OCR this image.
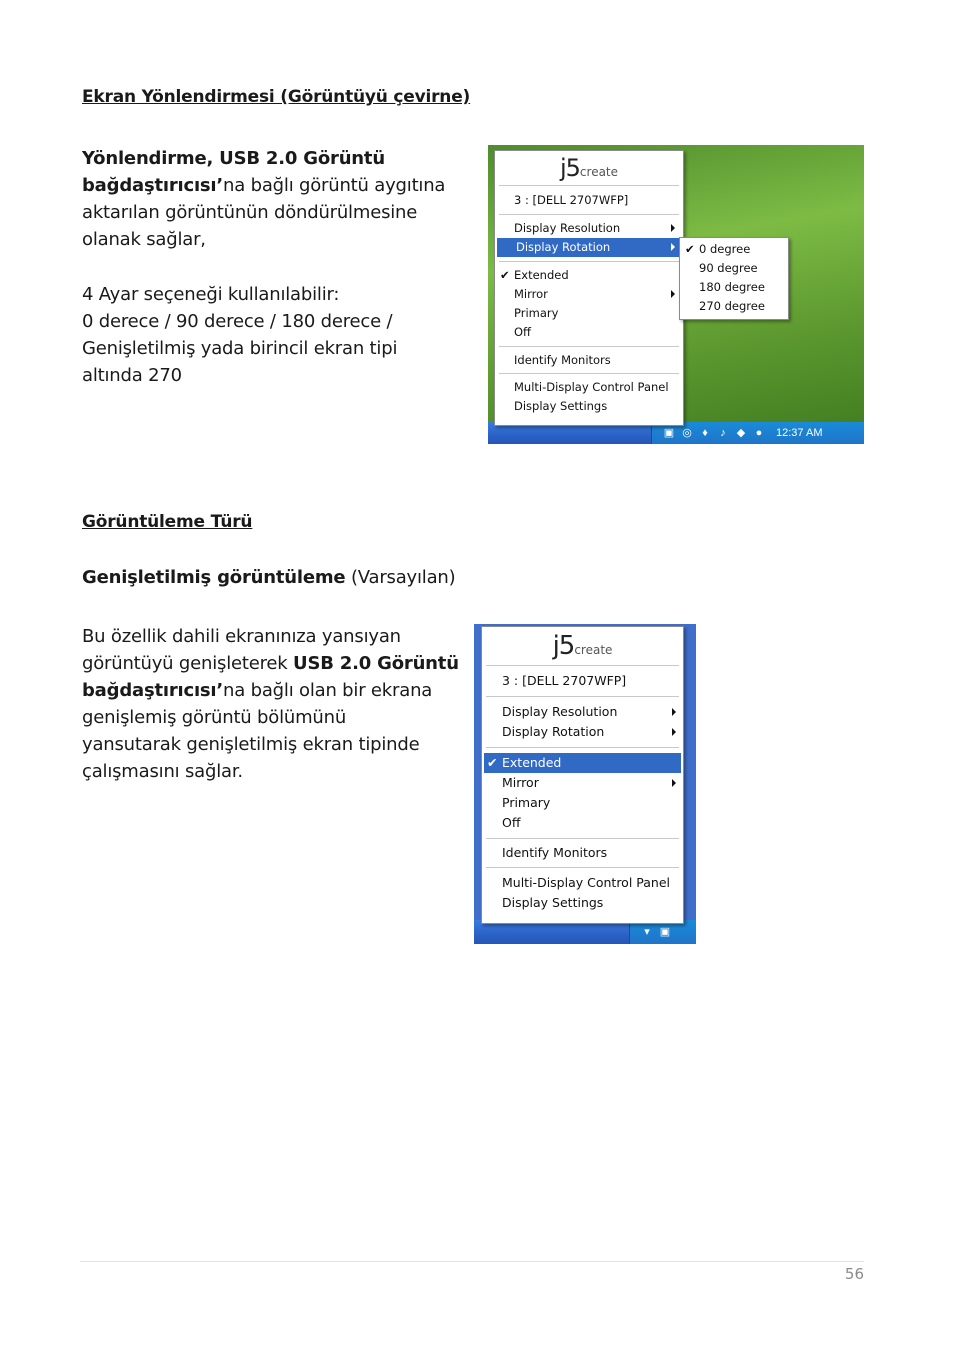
Ekran Yönlendirmesi (Görüntüyü çevirne)
Yönlendirme, USB 2.0 Görüntü
bağdaştırıcısı’na bağlı görüntü aygıtına
aktarılan görüntünün döndürülmesine
olanak sağlar,
4 Ayar seçeneği kullanılabilir:
0 derece / 90 derece / 180 derece /
Genişletilmiş yada birincil ekran tipi
altında 270
▣ ◎ ♦	♪	◆ ●	12:37 AM
j5create
3 : [DELL 2707WFP]
Display Resolution
Display Rotation
✔ Extended
Mirror
Primary
Off
Identify Monitors
Multi-Display Control Panel
Display Settings
✔ 0 degree
90 degree
180 degree
270 degree
Görüntüleme Türü
Genişletilmiş görüntüleme (Varsayılan)
Bu özellik dahili ekranınıza yansıyan
görüntüyü genişleterek USB 2.0 Görüntü
bağdaştırıcısı’na bağlı olan bir ekrana
genişlemiş görüntü bölümünü
yansutarak genişletilmiş ekran tipinde
çalışmasını sağlar.
▾ ▣
j5create
3 : [DELL 2707WFP]
Display Resolution
Display Rotation
✔ Extended
Mirror
Primary
Off
Identify Monitors
Multi-Display Control Panel
Display Settings
56
